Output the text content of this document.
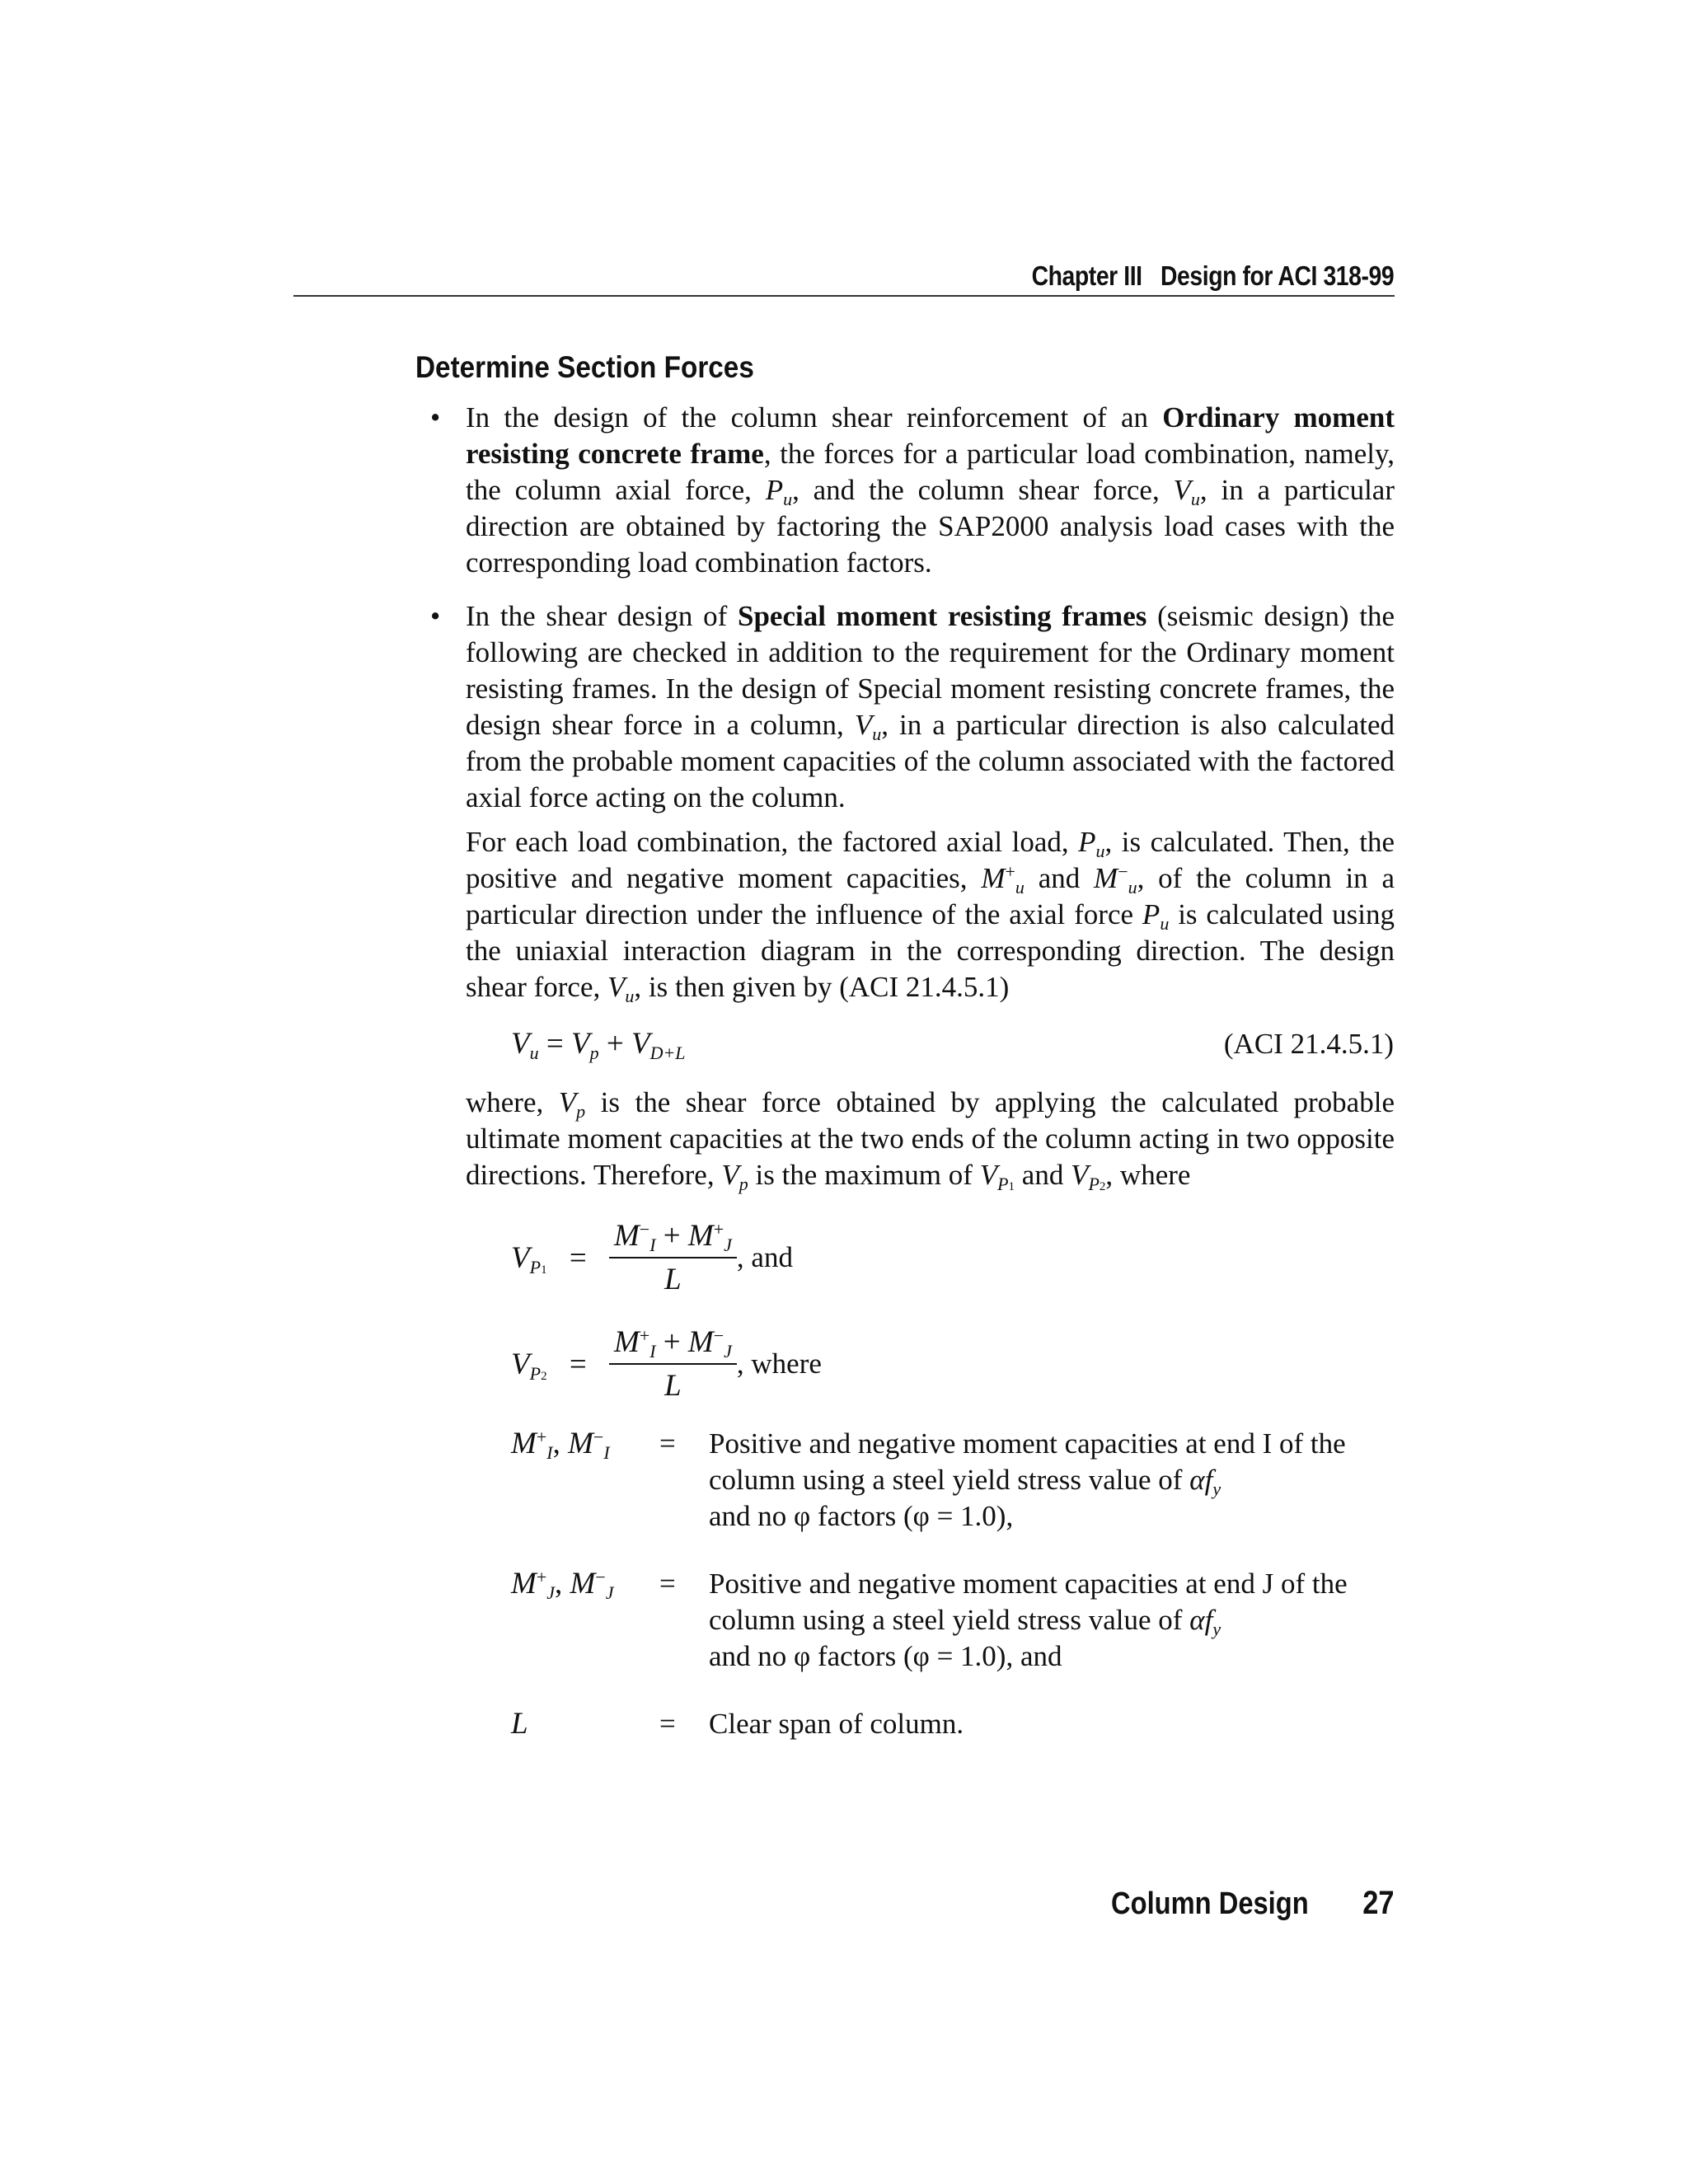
Chapter III Design for ACI 318-99
Determine Section Forces
• In the design of the column shear reinforcement of an Ordinary moment resisting concrete frame, the forces for a particular load combination, namely, the column axial force, $P_u$, and the column shear force, $V_u$, in a particular direction are obtained by factoring the SAP2000 analysis load cases with the corresponding load combination factors.

• In the shear design of Special moment resisting frames (seismic design) the following are checked in addition to the requirement for the Ordinary moment resisting frames. In the design of Special moment resisting concrete frames, the design shear force in a column, $V_u$, in a particular direction is also calculated from the probable moment capacities of the column associated with the factored axial force acting on the column.

For each load combination, the factored axial load, $P_u$, is calculated. Then, the positive and negative moment capacities, $M^+_u$ and $M^-_u$, of the column in a particular direction under the influence of the axial force $P_u$ is calculated using the uniaxial interaction diagram in the corresponding direction. The design shear force, $V_u$, is then given by (ACI 21.4.5.1)

$V_u = V_p + V_{D+L}$	(ACI 21.4.5.1)

where, $V_p$ is the shear force obtained by applying the calculated probable ultimate moment capacities at the two ends of the column acting in two opposite directions. Therefore, $V_p$ is the maximum of $V_{P1}$ and $V_{P2}$, where

$V_{P1} = \frac{M^-_I + M^+_J}{L}$ , and
$V_{P2} = \frac{M^+_I + M^-_J}{L}$ , where
$M^+_I$, $M^-_I$ = Positive and negative moment capacities at end I of the column using a steel yield stress value of $\alpha f_y$
and no φ factors (φ = 1.0),
$M^+_J$, $M^-_J$ = Positive and negative moment capacities at end J of the column using a steel yield stress value of $\alpha f_y$
and no φ factors (φ = 1.0), and
L	= Clear span of column.
Column Design 27
